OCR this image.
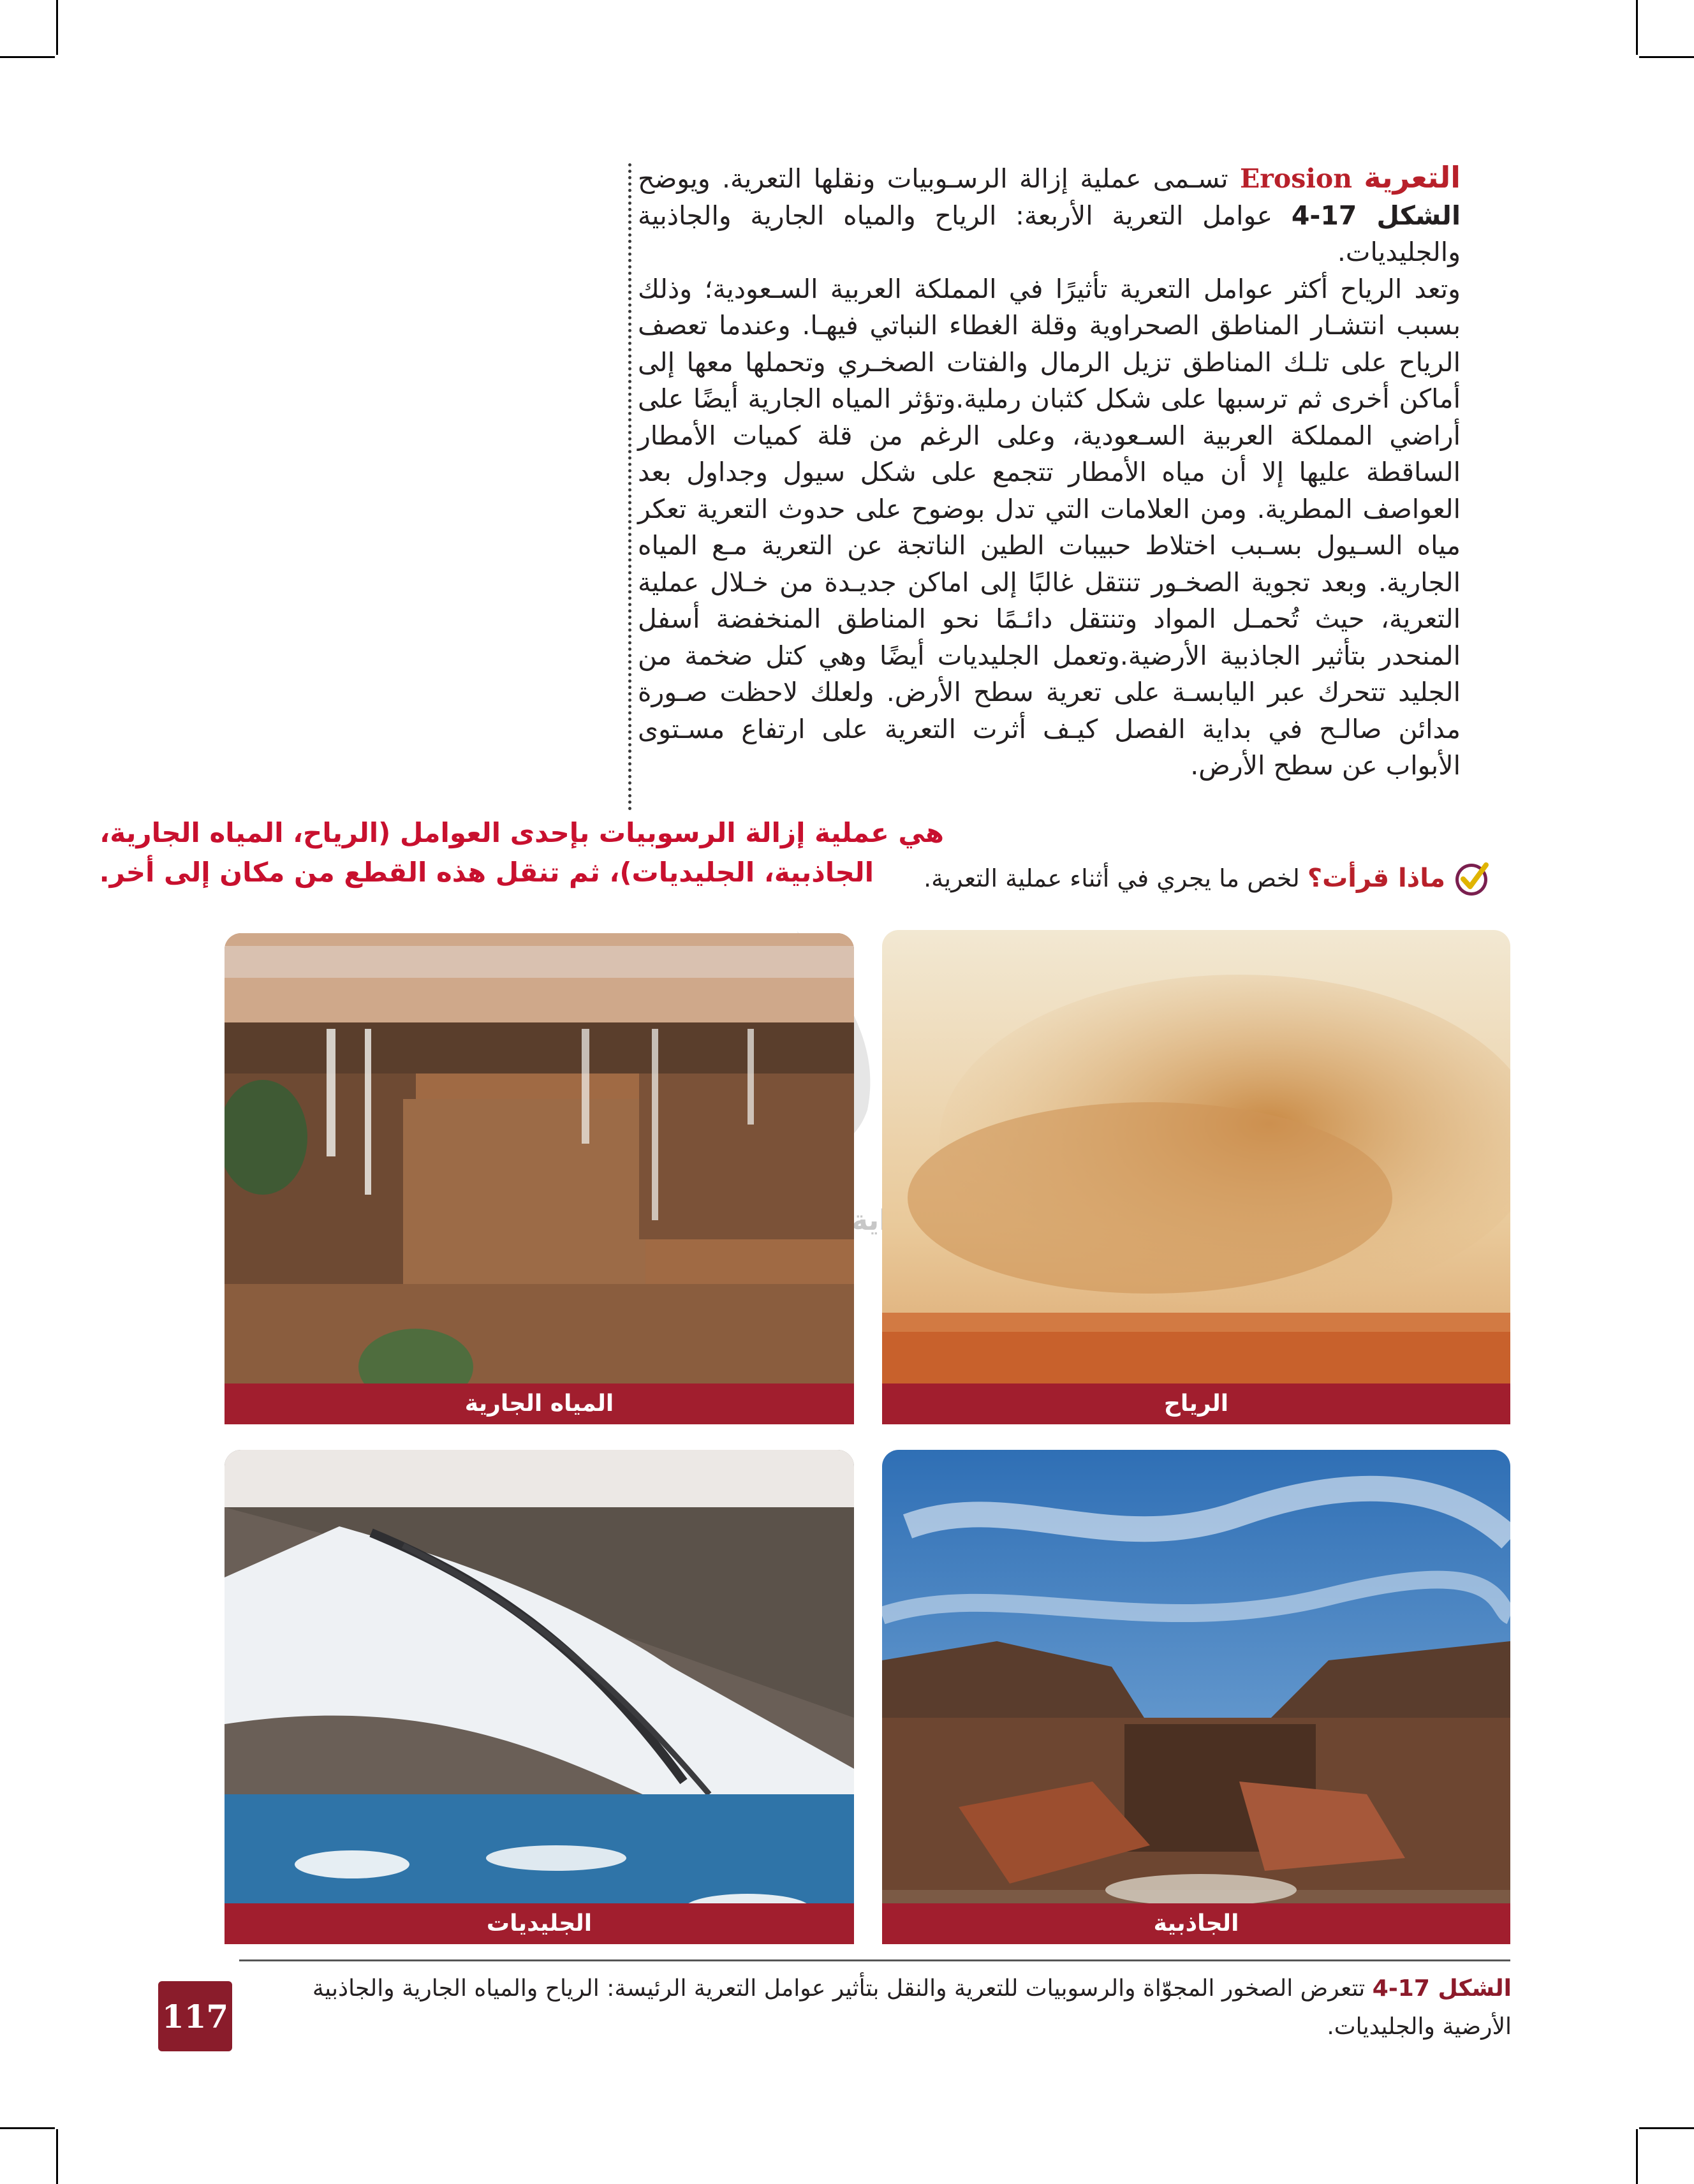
التعرية Erosion تسـمى عملية إزالة الرسـوبيات ونقلها التعرية. ويوضح الشكل 17-4 عوامل التعرية الأربعة: الرياح والمياه الجارية والجاذبية والجليديات.

وتعد الرياح أكثر عوامل التعرية تأثيرًا في المملكة العربية السـعودية؛ وذلك بسبب انتشـار المناطق الصحراوية وقلة الغطاء النباتي فيهـا. وعندما تعصف الرياح على تلـك المناطق تزيل الرمال والفتات الصخـري وتحملها معها إلى أماكن أخرى ثم ترسبها على شكل كثبان رملية.وتؤثر المياه الجارية أيضًا على أراضي المملكة العربية السـعودية، وعلى الرغم من قلة كميات الأمطار الساقطة عليها إلا أن مياه الأمطار تتجمع على شكل سيول وجداول بعد العواصف المطرية. ومن العلامات التي تدل بوضوح على حدوث التعرية تعكر مياه السـيول بسـبب اختلاط حبيبات الطين الناتجة عن التعرية مـع المياه الجارية. وبعد تجوية الصخـور تنتقل غالبًا إلى اماكن جديـدة من خـلال عملية التعرية، حيث تُحمـل المواد وتنتقل دائـمًا نحو المناطق المنخفضة أسفل المنحدر بتأثير الجاذبية الأرضية.وتعمل الجليديات أيضًا وهي كتل ضخمة من الجليد تتحرك عبر اليابسـة على تعرية سطح الأرض. ولعلك لاحظت صـورة مدائن صالـح في بداية الفصل كيـف أثرت التعرية على ارتفاع مسـتوى الأبواب عن سطح الأرض.

هي عملية إزالة الرسوبيات بإحدى العوامل (الرياح، المياه الجارية،
الجاذبية، الجليديات)، ثم تنقل هذه القطع من مكان إلى أخر.	ماذا قرأت؟
لخص ما يجري في أثناء عملية التعرية.
الرياح
المياه الجارية
الجاذبية
الجليديات
الشكل 17-4 تتعرض الصخور المجوّاة والرسوبيات للتعرية والنقل بتأثير عوامل التعرية الرئيسة: الرياح والمياه الجارية والجاذبية الأرضية والجليديات.
117
